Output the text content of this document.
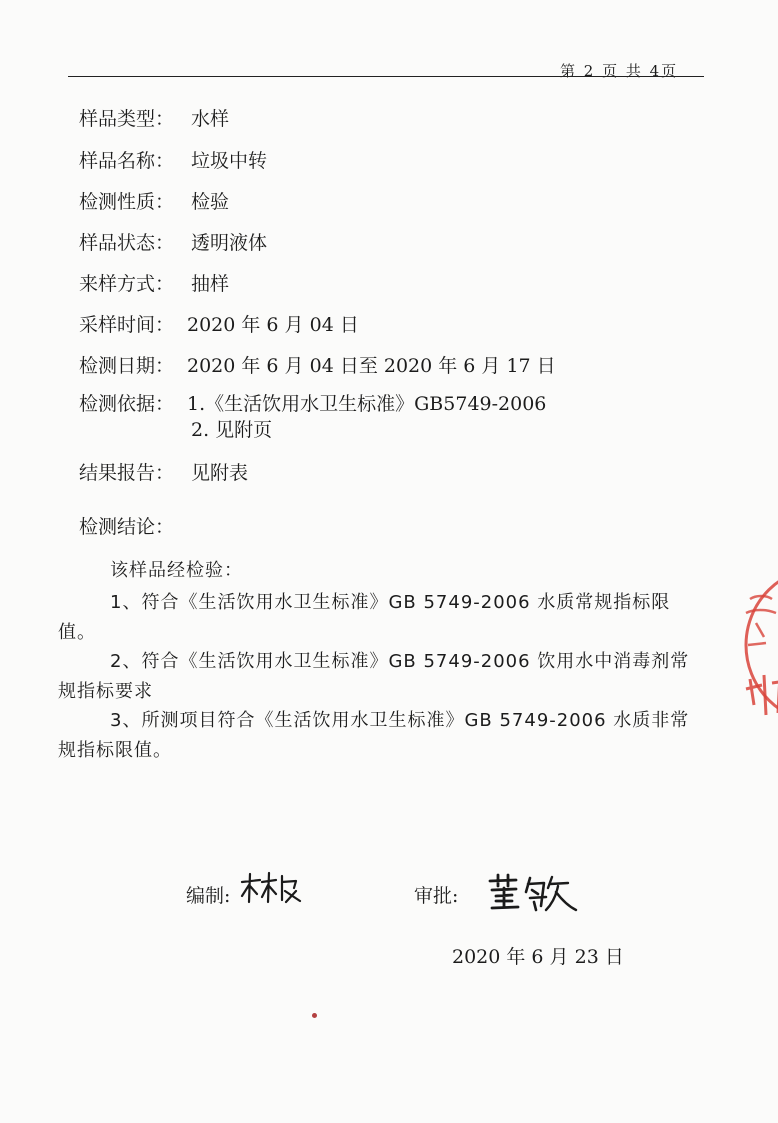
第 2 页 共 4页
样品类型： 水样
样品名称： 垃圾中转
检测性质： 检验
样品状态： 透明液体
来样方式： 抽样
采样时间： 2020 年 6 月 04 日
检测日期： 2020 年 6 月 04 日至 2020 年 6 月 17 日
检测依据： 1.《生活饮用水卫生标准》GB5749-2006
2. 见附页
结果报告： 见附表
检测结论：
该样品经检验：
1、符合《生活饮用水卫生标准》GB 5749-2006 水质常规指标限值。
2、符合《生活饮用水卫生标准》GB 5749-2006 饮用水中消毒剂常规指标要求
3、所测项目符合《生活饮用水卫生标准》GB 5749-2006 水质非常规指标限值。
编制:	审批:
2020 年 6 月 23 日
